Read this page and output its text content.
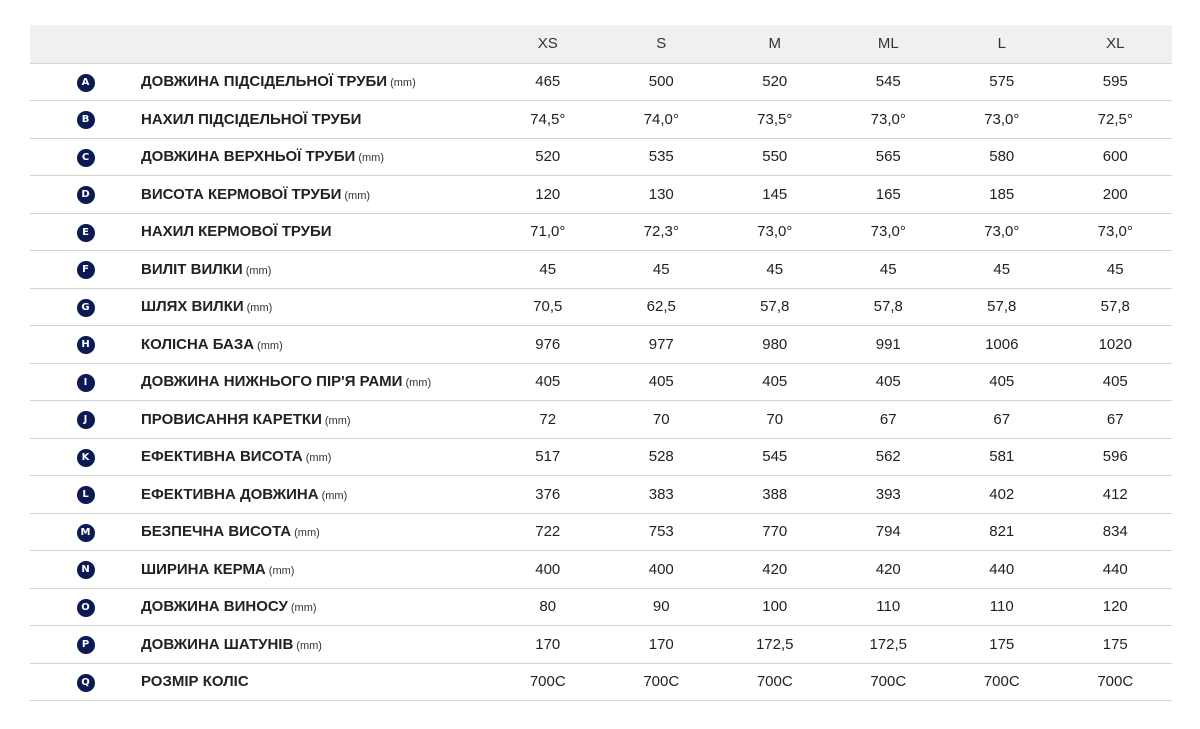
		XS	S	M	ML	L	XL
A	ДОВЖИНА ПІДСІДЕЛЬНОЇ ТРУБИ (mm)	465	500	520	545	575	595
B	НАХИЛ ПІДСІДЕЛЬНОЇ ТРУБИ	74,5°	74,0°	73,5°	73,0°	73,0°	72,5°
C	ДОВЖИНА ВЕРХНЬОЇ ТРУБИ (mm)	520	535	550	565	580	600
D	ВИСОТА КЕРМОВОЇ ТРУБИ (mm)	120	130	145	165	185	200
E	НАХИЛ КЕРМОВОЇ ТРУБИ	71,0°	72,3°	73,0°	73,0°	73,0°	73,0°
F	ВИЛІТ ВИЛКИ (mm)	45	45	45	45	45	45
G	ШЛЯХ ВИЛКИ (mm)	70,5	62,5	57,8	57,8	57,8	57,8
H	КОЛІСНА БАЗА (mm)	976	977	980	991	1006	1020
I	ДОВЖИНА НИЖНЬОГО ПІР'Я РАМИ (mm)	405	405	405	405	405	405
J	ПРОВИСАННЯ КАРЕТКИ (mm)	72	70	70	67	67	67
K	ЕФЕКТИВНА ВИСОТА (mm)	517	528	545	562	581	596
L	ЕФЕКТИВНА ДОВЖИНА (mm)	376	383	388	393	402	412
M	БЕЗПЕЧНА ВИСОТА (mm)	722	753	770	794	821	834
N	ШИРИНА КЕРМА (mm)	400	400	420	420	440	440
O	ДОВЖИНА ВИНОСУ (mm)	80	90	100	110	110	120
P	ДОВЖИНА ШАТУНІВ (mm)	170	170	172,5	172,5	175	175
Q	РОЗМІР КОЛІС	700C	700C	700C	700C	700C	700C
